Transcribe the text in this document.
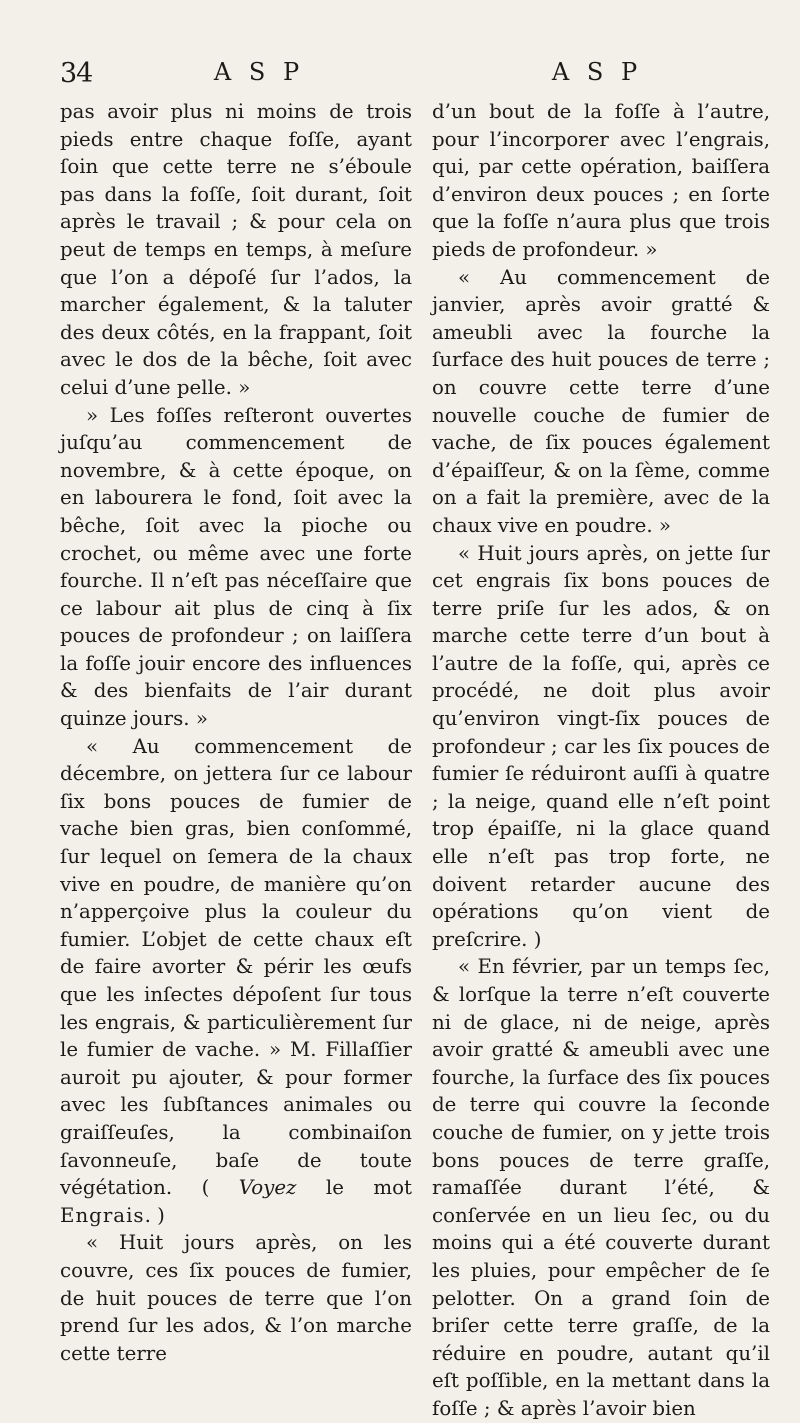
34	A S P	A S P

pas avoir plus ni moins de trois pieds entre chaque foſſe, ayant ſoin que cette terre ne s’éboule pas dans la foſſe, ſoit durant, ſoit après le travail ; & pour cela on peut de temps en temps, à meſure que l’on a dépoſé ſur l’ados, la marcher également, & la taluter des deux côtés, en la frappant, ſoit avec le dos de la bêche, ſoit avec celui d’une pelle. »

» Les foſſes reſteront ouvertes juſqu’au commencement de novembre, & à cette époque, on en labourera le fond, ſoit avec la bêche, ſoit avec la pioche ou crochet, ou même avec une forte fourche. Il n’eſt pas néceſſaire que ce labour ait plus de cinq à ſix pouces de profondeur ; on laiſſera la foſſe jouir encore des influences & des bienfaits de l’air durant quinze jours. »

« Au commencement de décembre, on jettera ſur ce labour ſix bons pouces de fumier de vache bien gras, bien conſommé, ſur lequel on ſemera de la chaux vive en poudre, de manière qu’on n’apperçoive plus la couleur du fumier. L’objet de cette chaux eſt de faire avorter & périr les œufs que les inſectes dépoſent ſur tous les engrais, & particulièrement ſur le fumier de vache. » M. Fillaſſier auroit pu ajouter, & pour former avec les ſubſtances animales ou graiſſeuſes, la combinaiſon ſavonneuſe, baſe de toute végétation. ( Voyez le mot Engrais. )

« Huit jours après, on les couvre, ces ſix pouces de fumier, de huit pouces de terre que l’on prend ſur les ados, & l’on marche cette terre

d’un bout de la foſſe à l’autre, pour l’incorporer avec l’engrais, qui, par cette opération, baiſſera d’environ deux pouces ; en ſorte que la foſſe n’aura plus que trois pieds de profondeur. »

« Au commencement de janvier, après avoir gratté & ameubli avec la fourche la ſurface des huit pouces de terre ; on couvre cette terre d’une nouvelle couche de fumier de vache, de ſix pouces également d’épaiſſeur, & on la ſème, comme on a fait la première, avec de la chaux vive en poudre. »

« Huit jours après, on jette ſur cet engrais ſix bons pouces de terre priſe ſur les ados, & on marche cette terre d’un bout à l’autre de la foſſe, qui, après ce procédé, ne doit plus avoir qu’environ vingt-ſix pouces de profondeur ; car les ſix pouces de fumier ſe réduiront auſſi à quatre ; la neige, quand elle n’eſt point trop épaiſſe, ni la glace quand elle n’eſt pas trop forte, ne doivent retarder aucune des opérations qu’on vient de preſcrire. )

« En février, par un temps ſec, & lorſque la terre n’eſt couverte ni de glace, ni de neige, après avoir gratté & ameubli avec une fourche, la ſurface des ſix pouces de terre qui couvre la ſeconde couche de fumier, on y jette trois bons pouces de terre graſſe, ramaſſée durant l’été, & conſervée en un lieu ſec, ou du moins qui a été couverte durant les pluies, pour empêcher de ſe pelotter. On a grand ſoin de briſer cette terre graſſe, de la réduire en poudre, autant qu’il eſt poſſible, en la mettant dans la foſſe ; & après l’avoir bien
